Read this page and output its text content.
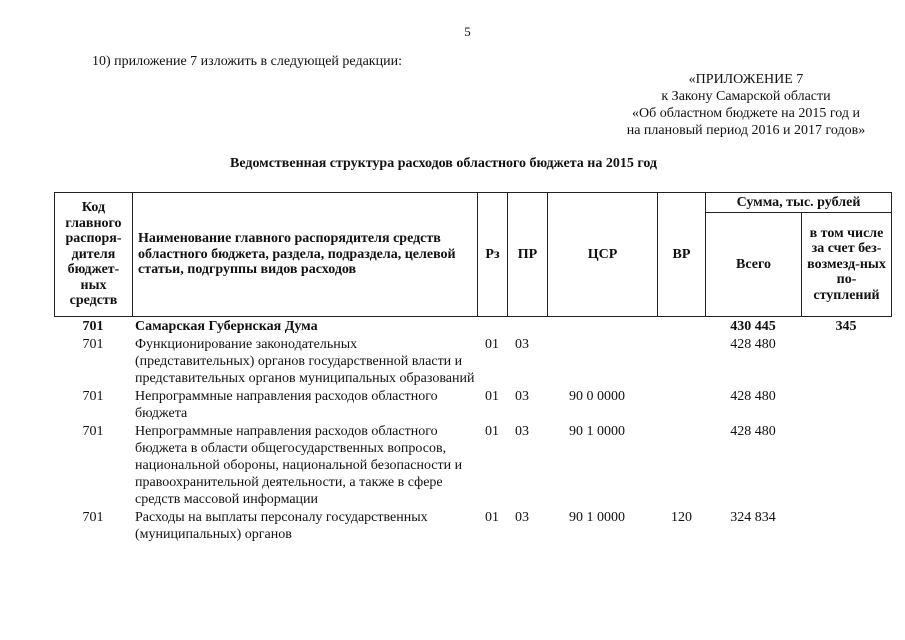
5
10) приложение 7 изложить в следующей редакции:
«ПРИЛОЖЕНИЕ 7
к Закону Самарской области
«Об областном бюджете на 2015 год и
на плановый период 2016 и 2017 годов»
Ведомственная структура расходов областного бюджета на 2015 год
Код главного распоря-дителя бюджет-ных средств	Наименование главного распорядителя средств областного бюджета, раздела, подраздела, целевой статьи, подгруппы видов расходов	Рз	ПР	ЦСР	ВР	Сумма, тыс. рублей	
						Всего	в том числе за счет без-возмезд-ных по-ступлений
701	Самарская Губернская Дума					430 445	345
701	Функционирование законодательных (представительных) органов государственной власти и представительных органов муниципальных образований	01	03			428 480	
701	Непрограммные направления расходов областного бюджета	01	03	90 0 0000		428 480	
701	Непрограммные направления расходов областного бюджета в области общегосударственных вопросов, национальной обороны, национальной безопасности и правоохранительной деятельности, а также в сфере средств массовой информации	01	03	90 1 0000		428 480	
701	Расходы на выплаты персоналу государственных (муниципальных) органов	01	03	90 1 0000	120	324 834	
